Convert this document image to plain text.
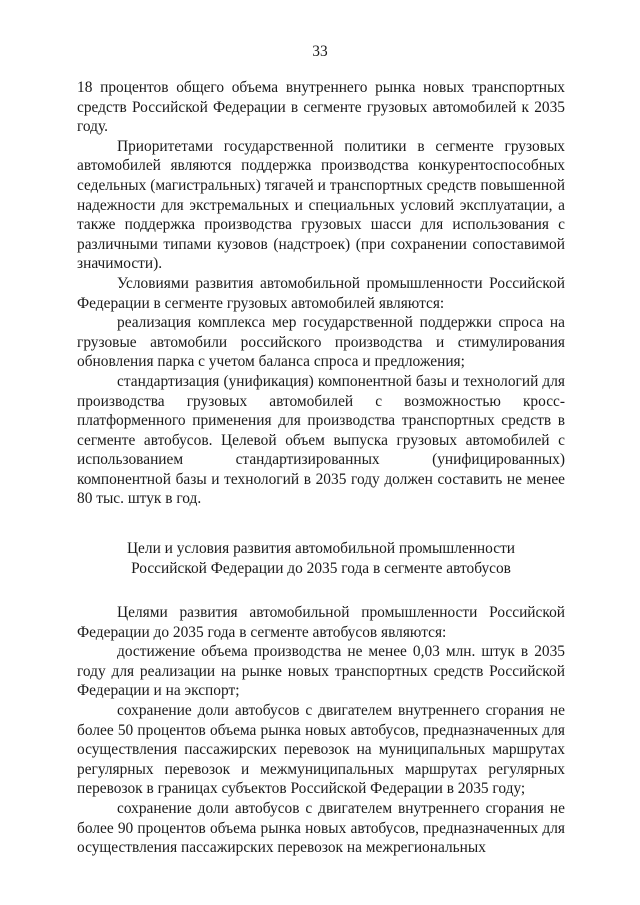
33

18 процентов общего объема внутреннего рынка новых транспортных средств Российской Федерации в сегменте грузовых автомобилей к 2035 году.

Приоритетами государственной политики в сегменте грузовых автомобилей являются поддержка производства конкурентоспособных седельных (магистральных) тягачей и транспортных средств повышенной надежности для экстремальных и специальных условий эксплуатации, а также поддержка производства грузовых шасси для использования с различными типами кузовов (надстроек) (при сохранении сопоставимой значимости).

Условиями развития автомобильной промышленности Российской Федерации в сегменте грузовых автомобилей являются:

реализация комплекса мер государственной поддержки спроса на грузовые автомобили российского производства и стимулирования обновления парка с учетом баланса спроса и предложения;

стандартизация (унификация) компонентной базы и технологий для производства грузовых автомобилей с возможностью кросс-платформенного применения для производства транспортных средств в сегменте автобусов. Целевой объем выпуска грузовых автомобилей с использованием стандартизированных (унифицированных) компонентной базы и технологий в 2035 году должен составить не менее 80 тыс. штук в год.

Цели и условия развития автомобильной промышленности
Российской Федерации до 2035 года в сегменте автобусов

Целями развития автомобильной промышленности Российской Федерации до 2035 года в сегменте автобусов являются:

достижение объема производства не менее 0,03 млн. штук в 2035 году для реализации на рынке новых транспортных средств Российской Федерации и на экспорт;

сохранение доли автобусов с двигателем внутреннего сгорания не более 50 процентов объема рынка новых автобусов, предназначенных для осуществления пассажирских перевозок на муниципальных маршрутах регулярных перевозок и межмуниципальных маршрутах регулярных перевозок в границах субъектов Российской Федерации в 2035 году;

сохранение доли автобусов с двигателем внутреннего сгорания не более 90 процентов объема рынка новых автобусов, предназначенных для осуществления пассажирских перевозок на межрегиональных
